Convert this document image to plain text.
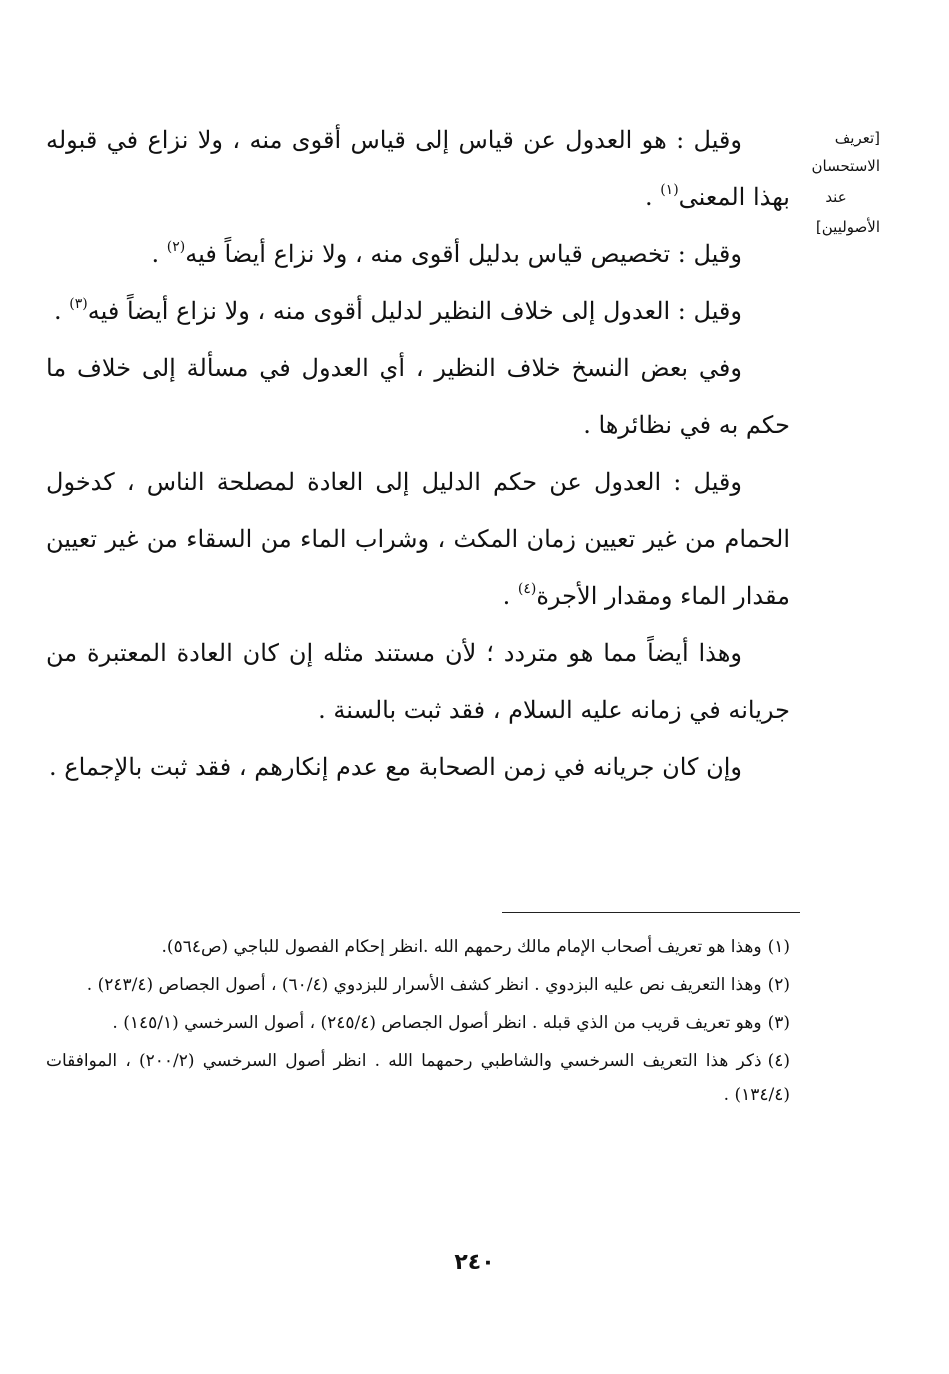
[تعريف
الاستحسان
عند
الأصوليين]

وقيل : هو العدول عن قياس إلى قياس أقوى منه ، ولا نزاع في قبوله بهذا المعنى$^{(١)}$ .

وقيل : تخصيص قياس بدليل أقوى منه ، ولا نزاع أيضاً فيه$^{(٢)}$ .

وقيل : العدول إلى خلاف النظير لدليل أقوى منه ، ولا نزاع أيضاً فيه$^{(٣)}$ .

وفي بعض النسخ خلاف النظير ، أي العدول في مسألة إلى خلاف ما حكم به في نظائرها .

وقيل : العدول عن حكم الدليل إلى العادة لمصلحة الناس ، كدخول الحمام من غير تعيين زمان المكث ، وشراب الماء من السقاء من غير تعيين مقدار الماء ومقدار الأجرة$^{(٤)}$ .

وهذا أيضاً مما هو متردد ؛ لأن مستند مثله إن كان العادة المعتبرة من جريانه في زمانه عليه السلام ، فقد ثبت بالسنة .

وإن كان جريانه في زمن الصحابة مع عدم إنكارهم ، فقد ثبت بالإجماع .

(١)وهذا هو تعريف أصحاب الإمام مالك رحمهم الله .انظر إحكام الفصول للباجي (ص٥٦٤).

(٢)وهذا التعريف نص عليه البزدوي . انظر كشف الأسرار للبزدوي (٦٠/٤) ، أصول الجصاص (٢٤٣/٤) .

(٣)وهو تعريف قريب من الذي قبله . انظر أصول الجصاص (٢٤٥/٤) ، أصول السرخسي (١٤٥/١) .

(٤)ذكر هذا التعريف السرخسي والشاطبي رحمهما الله . انظر أصول السرخسي (٢٠٠/٢) ، الموافقات (١٣٤/٤) .

٢٤٠
